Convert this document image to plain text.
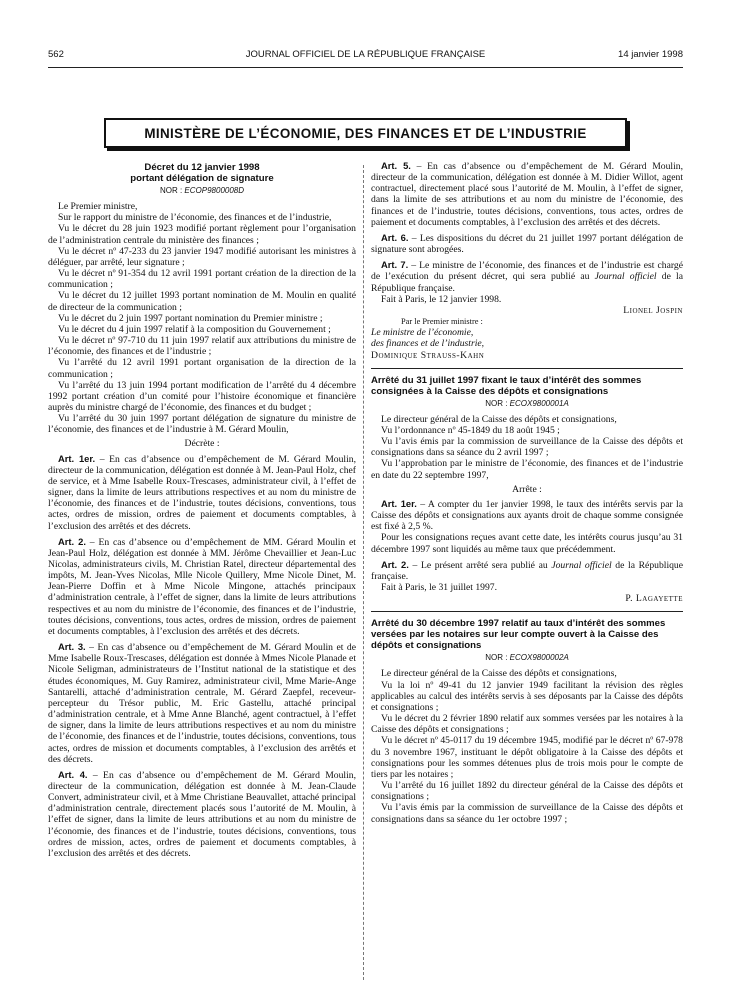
562	JOURNAL OFFICIEL DE LA RÉPUBLIQUE FRANÇAISE	14 janvier 1998
MINISTÈRE DE L’ÉCONOMIE, DES FINANCES ET DE L’INDUSTRIE
Décret du 12 janvier 1998
portant délégation de signature
NOR : ECOP9800008D

Le Premier ministre,

Sur le rapport du ministre de l’économie, des finances et de l’industrie,

Vu le décret du 28 juin 1923 modifié portant règlement pour l’organisation de l’administration centrale du ministère des finances ;

Vu le décret nº 47-233 du 23 janvier 1947 modifié autorisant les ministres à déléguer, par arrêté, leur signature ;

Vu le décret nº 91-354 du 12 avril 1991 portant création de la direction de la communication ;

Vu le décret du 12 juillet 1993 portant nomination de M. Moulin en qualité de directeur de la communication ;

Vu le décret du 2 juin 1997 portant nomination du Premier ministre ;

Vu le décret du 4 juin 1997 relatif à la composition du Gouvernement ;

Vu le décret nº 97-710 du 11 juin 1997 relatif aux attributions du ministre de l’économie, des finances et de l’industrie ;

Vu l’arrêté du 12 avril 1991 portant organisation de la direction de la communication ;

Vu l’arrêté du 13 juin 1994 portant modification de l’arrêté du 4 décembre 1992 portant création d’un comité pour l’histoire économique et financière auprès du ministre chargé de l’économie, des finances et du budget ;

Vu l’arrêté du 30 juin 1997 portant délégation de signature du ministre de l’économie, des finances et de l’industrie à M. Gérard Moulin,

Décrète :

Art. 1er. – En cas d’absence ou d’empêchement de M. Gérard Moulin, directeur de la communication, délégation est donnée à M. Jean-Paul Holz, chef de service, et à Mme Isabelle Roux-Trescases, administrateur civil, à l’effet de signer, dans la limite de leurs attributions respectives et au nom du ministre de l’économie, des finances et de l’industrie, toutes décisions, conventions, tous actes, ordres de mission, ordres de paiement et documents comptables, à l’exclusion des arrêtés et des décrets.

Art. 2. – En cas d’absence ou d’empêchement de MM. Gérard Moulin et Jean-Paul Holz, délégation est donnée à MM. Jérôme Chevaillier et Jean-Luc Nicolas, administrateurs civils, M. Christian Ratel, directeur départemental des impôts, M. Jean-Yves Nicolas, Mlle Nicole Quillery, Mme Nicole Dinet, M. Jean-Pierre Doffin et à Mme Nicole Mingone, attachés principaux d’administration centrale, à l’effet de signer, dans la limite de leurs attributions respectives et au nom du ministre de l’économie, des finances et de l’industrie, toutes décisions, conventions, tous actes, ordres de mission, ordres de paiement et documents comptables, à l’exclusion des arrêtés et des décrets.

Art. 3. – En cas d’absence ou d’empêchement de M. Gérard Moulin et de Mme Isabelle Roux-Trescases, délégation est donnée à Mmes Nicole Planade et Nicole Seligman, administrateurs de l’Institut national de la statistique et des études économiques, M. Guy Ramirez, administrateur civil, Mme Marie-Ange Santarelli, attaché d’administration centrale, M. Gérard Zaepfel, receveur-percepteur du Trésor public, M. Eric Gastellu, attaché principal d’administration centrale, et à Mme Anne Blanché, agent contractuel, à l’effet de signer, dans la limite de leurs attributions respectives et au nom du ministre de l’économie, des finances et de l’industrie, toutes décisions, conventions, tous actes, ordres de mission et documents comptables, à l’exclusion des arrêtés et des décrets.

Art. 4. – En cas d’absence ou d’empêchement de M. Gérard Moulin, directeur de la communication, délégation est donnée à M. Jean-Claude Convert, administrateur civil, et à Mme Christiane Beauvallet, attaché principal d’administration centrale, directement placés sous l’autorité de M. Moulin, à l’effet de signer, dans la limite de leurs attributions et au nom du ministre de l’économie, des finances et de l’industrie, toutes décisions, conventions, tous ordres de mission, actes, ordres de paiement et documents comptables, à l’exclusion des arrêtés et des décrets.

Art. 5. – En cas d’absence ou d’empêchement de M. Gérard Moulin, directeur de la communication, délégation est donnée à M. Didier Willot, agent contractuel, directement placé sous l’autorité de M. Moulin, à l’effet de signer, dans la limite de ses attributions et au nom du ministre de l’économie, des finances et de l’industrie, toutes décisions, conventions, tous actes, ordres de paiement et documents comptables, à l’exclusion des arrêtés et des décrets.

Art. 6. – Les dispositions du décret du 21 juillet 1997 portant délégation de signature sont abrogées.

Art. 7. – Le ministre de l’économie, des finances et de l’industrie est chargé de l’exécution du présent décret, qui sera publié au Journal officiel de la République française.

Fait à Paris, le 12 janvier 1998.

Lionel Jospin

Par le Premier ministre :

Le ministre de l’économie,

des finances et de l’industrie,

Dominique Strauss-Kahn

Arrêté du 31 juillet 1997 fixant le taux d’intérêt des sommes consignées à la Caisse des dépôts et consignations
NOR : ECOX9800001A

Le directeur général de la Caisse des dépôts et consignations,

Vu l’ordonnance nº 45-1849 du 18 août 1945 ;

Vu l’avis émis par la commission de surveillance de la Caisse des dépôts et consignations dans sa séance du 2 avril 1997 ;

Vu l’approbation par le ministre de l’économie, des finances et de l’industrie en date du 22 septembre 1997,

Arrête :

Art. 1er. – A compter du 1er janvier 1998, le taux des intérêts servis par la Caisse des dépôts et consignations aux ayants droit de chaque somme consignée est fixé à 2,5 %.

Pour les consignations reçues avant cette date, les intérêts courus jusqu’au 31 décembre 1997 sont liquidés au même taux que précédemment.

Art. 2. – Le présent arrêté sera publié au Journal officiel de la République française.

Fait à Paris, le 31 juillet 1997.

P. Lagayette

Arrêté du 30 décembre 1997 relatif au taux d’intérêt des sommes versées par les notaires sur leur compte ouvert à la Caisse des dépôts et consignations
NOR : ECOX9800002A

Le directeur général de la Caisse des dépôts et consignations,

Vu la loi nº 49-41 du 12 janvier 1949 facilitant la révision des règles applicables au calcul des intérêts servis à ses déposants par la Caisse des dépôts et consignations ;

Vu le décret du 2 février 1890 relatif aux sommes versées par les notaires à la Caisse des dépôts et consignations ;

Vu le décret nº 45-0117 du 19 décembre 1945, modifié par le décret nº 67-978 du 3 novembre 1967, instituant le dépôt obligatoire à la Caisse des dépôts et consignations pour les sommes détenues plus de trois mois pour le compte de tiers par les notaires ;

Vu l’arrêté du 16 juillet 1892 du directeur général de la Caisse des dépôts et consignations ;

Vu l’avis émis par la commission de surveillance de la Caisse des dépôts et consignations dans sa séance du 1er octobre 1997 ;
